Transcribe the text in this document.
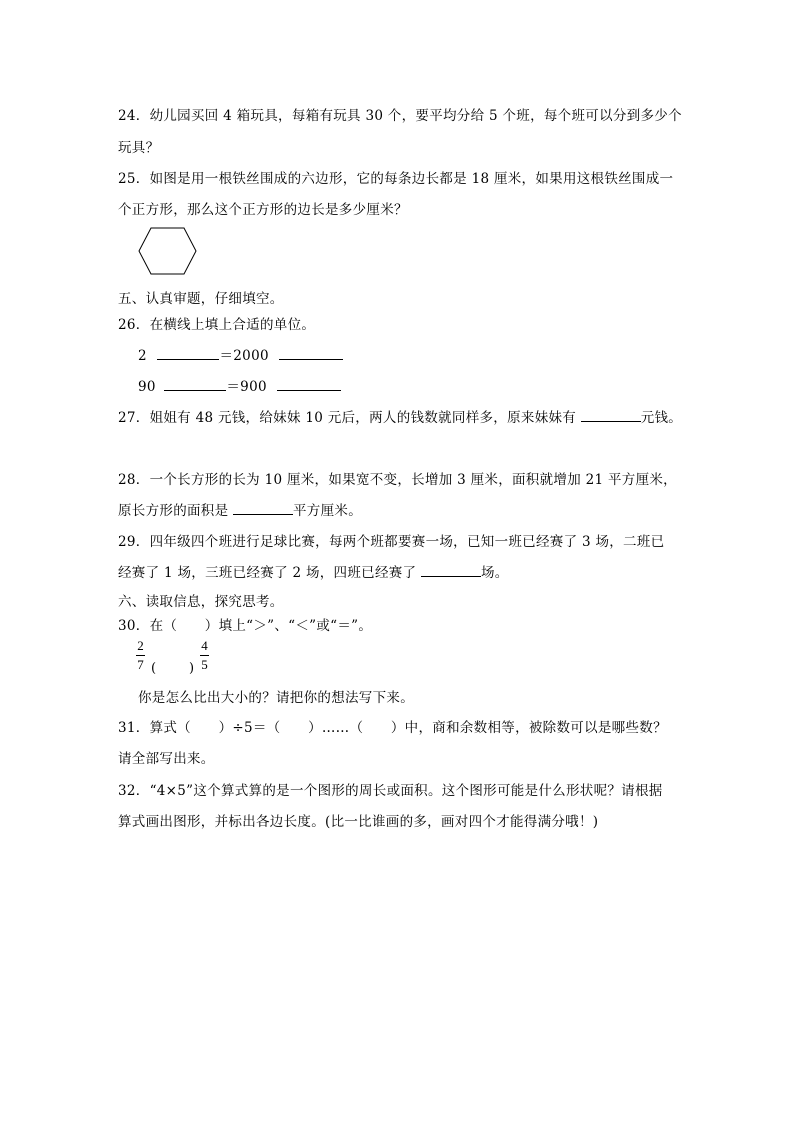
24．幼儿园买回 4 箱玩具，每箱有玩具 30 个，要平均分给 5 个班，每个班可以分到多少个
玩具？
25．如图是用一根铁丝围成的六边形，它的每条边长都是 18 厘米，如果用这根铁丝围成一
个正方形，那么这个正方形的边长是多少厘米？
五、认真审题，仔细填空。
26．在横线上填上合适的单位。
2	＝2000
90	＝900
27．姐姐有 48 元钱，给妹妹 10 元后，两人的钱数就同样多，原来妹妹有	元钱。
28．一个长方形的长为 10 厘米，如果宽不变，长增加 3 厘米，面积就增加 21 平方厘米，
原长方形的面积是	平方厘米。
29．四年级四个班进行足球比赛，每两个班都要赛一场，已知一班已经赛了 3 场，二班已
经赛了 1 场，三班已经赛了 2 场，四班已经赛了	场。
六、读取信息，探究思考。
30．在（　　）填上“＞”、“＜”或“＝”。
2
7 (	)
4
5
你是怎么比出大小的？请把你的想法写下来。
31．算式（　　）÷5＝（　　）……（　　）中，商和余数相等，被除数可以是哪些数？
请全部写出来。
32．“4×5”这个算式算的是一个图形的周长或面积。这个图形可能是什么形状呢？请根据
算式画出图形，并标出各边长度。(比一比谁画的多，画对四个才能得满分哦！)
